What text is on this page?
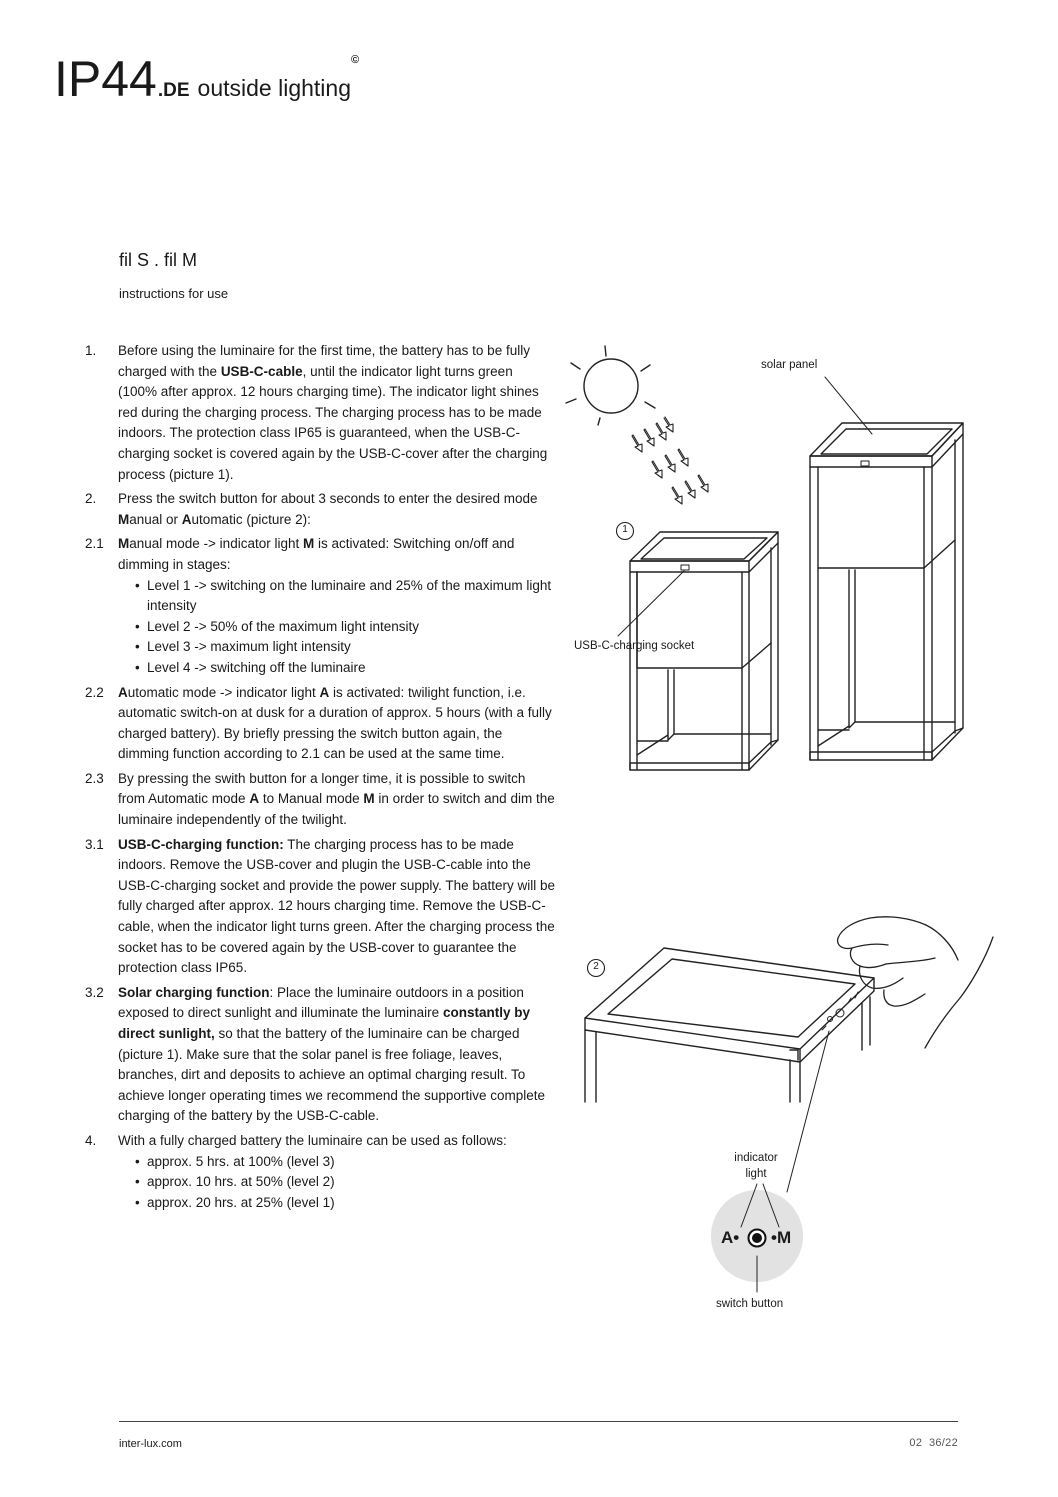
IP44.DE outside lighting©
fil S . fil M
instructions for use
1.	Before using the luminaire for the first time, the battery has to be fully charged with the USB-C-cable, until the indicator light turns green (100% after approx. 12 hours charging time). The indicator light shines red during the charging process. The charging process has to be made indoors. The protection class IP65 is guaranteed, when the USB-C-charging socket is covered again by the USB-C-cover after the charging process (picture 1).

2.	Press the switch button for about 3 seconds to enter the desired mode Manual or Automatic (picture 2):

2.1	Manual mode -> indicator light M is activated: Switching on/off and dimming in stages:

• Level 1 -> switching on the luminaire and 25% of the maximum light intensity
• Level 2 -> 50% of the maximum light intensity
• Level 3 -> maximum light intensity
• Level 4 -> switching off the luminaire
2.2	Automatic mode -> indicator light A is activated: twilight function, i.e. automatic switch-on at dusk for a duration of approx. 5 hours (with a fully charged battery). By briefly pressing the switch button again, the dimming function according to 2.1 can be used at the same time.

2.3	By pressing the swith button for a longer time, it is possible to switch from Automatic mode A to Manual mode M in order to switch and dim the luminaire independently of the twilight.

3.1	USB-C-charging function: The charging process has to be made indoors. Remove the USB-cover and plugin the USB-C-cable into the USB-C-charging socket and provide the power supply. The battery will be fully charged after approx. 12 hours charging time. Remove the USB-C-cable, when the indicator light turns green. After the charging process the socket has to be covered again by the USB-cover to guarantee the protection class IP65.

3.2	Solar charging function: Place the luminaire outdoors in a position exposed to direct sunlight and illuminate the luminaire constantly by direct sunlight, so that the battery of the luminaire can be charged (picture 1). Make sure that the solar panel is free foliage, leaves, branches, dirt and deposits to achieve an optimal charging result. To achieve longer operating times we recommend the supportive complete charging of the battery by the USB-C-cable.

4.	With a fully charged battery the luminaire can be used as follows:

• approx. 5 hrs. at 100% (level 3)
• approx. 10 hrs. at 50% (level 2)
• approx. 20 hrs. at 25% (level 1)
solar panel
USB-C-charging socket
1
2
indicator
light
A• •M
switch button
inter-lux.com	02 36/22
